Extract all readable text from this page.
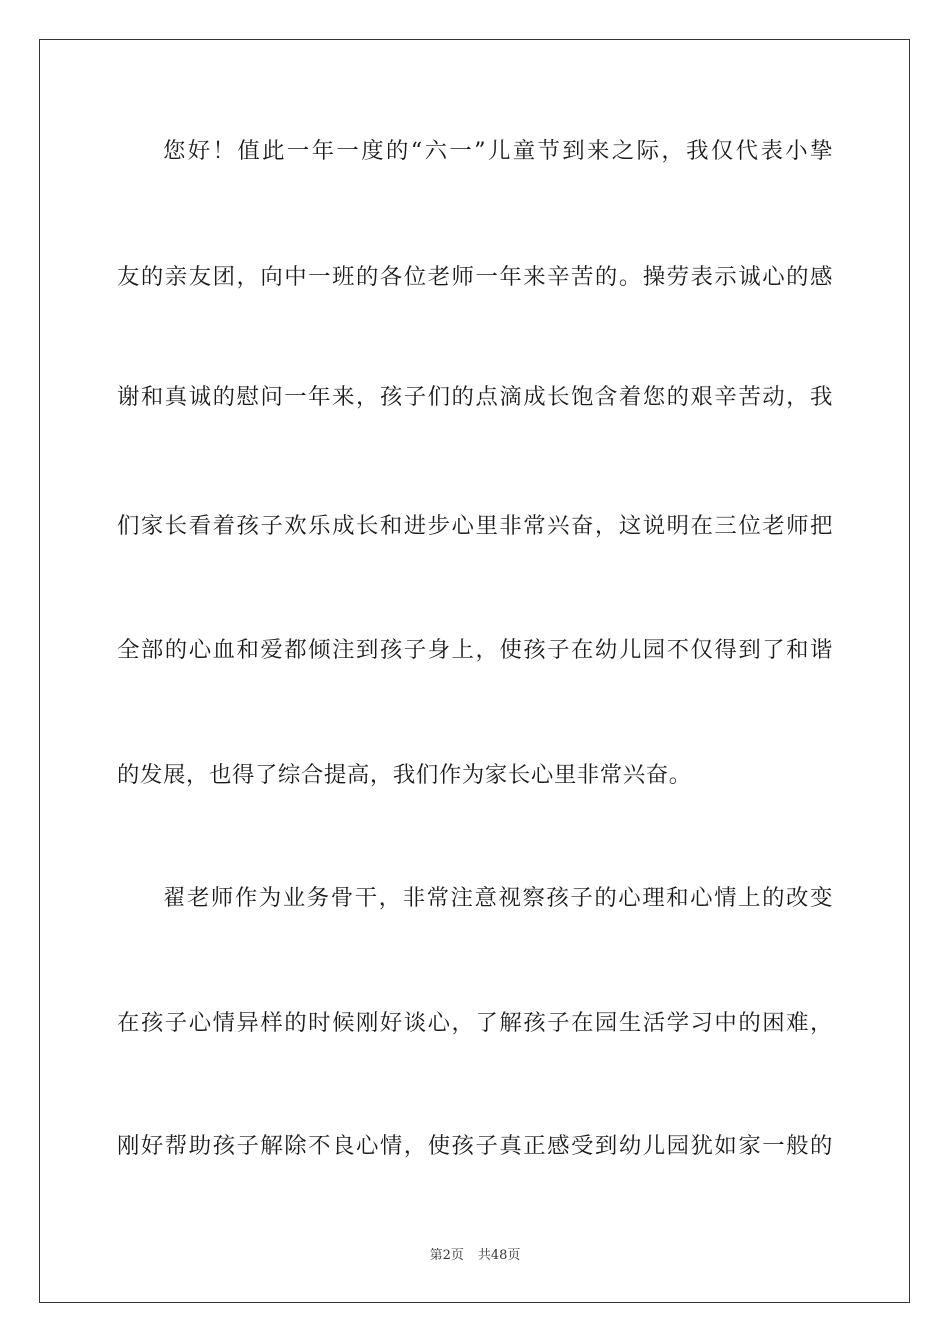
您好！值此一年一度的“六一”儿童节到来之际，我仅代表小挚
友的亲友团，向中一班的各位老师一年来辛苦的。操劳表示诚心的感
谢和真诚的慰问一年来，孩子们的点滴成长饱含着您的艰辛苦动，我
们家长看着孩子欢乐成长和进步心里非常兴奋，这说明在三位老师把
全部的心血和爱都倾注到孩子身上，使孩子在幼儿园不仅得到了和谐
的发展，也得了综合提高，我们作为家长心里非常兴奋。
翟老师作为业务骨干，非常注意视察孩子的心理和心情上的改变
在孩子心情异样的时候刚好谈心，了解孩子在园生活学习中的困难，
刚好帮助孩子解除不良心情，使孩子真正感受到幼儿园犹如家一般的
第2页 共48页
